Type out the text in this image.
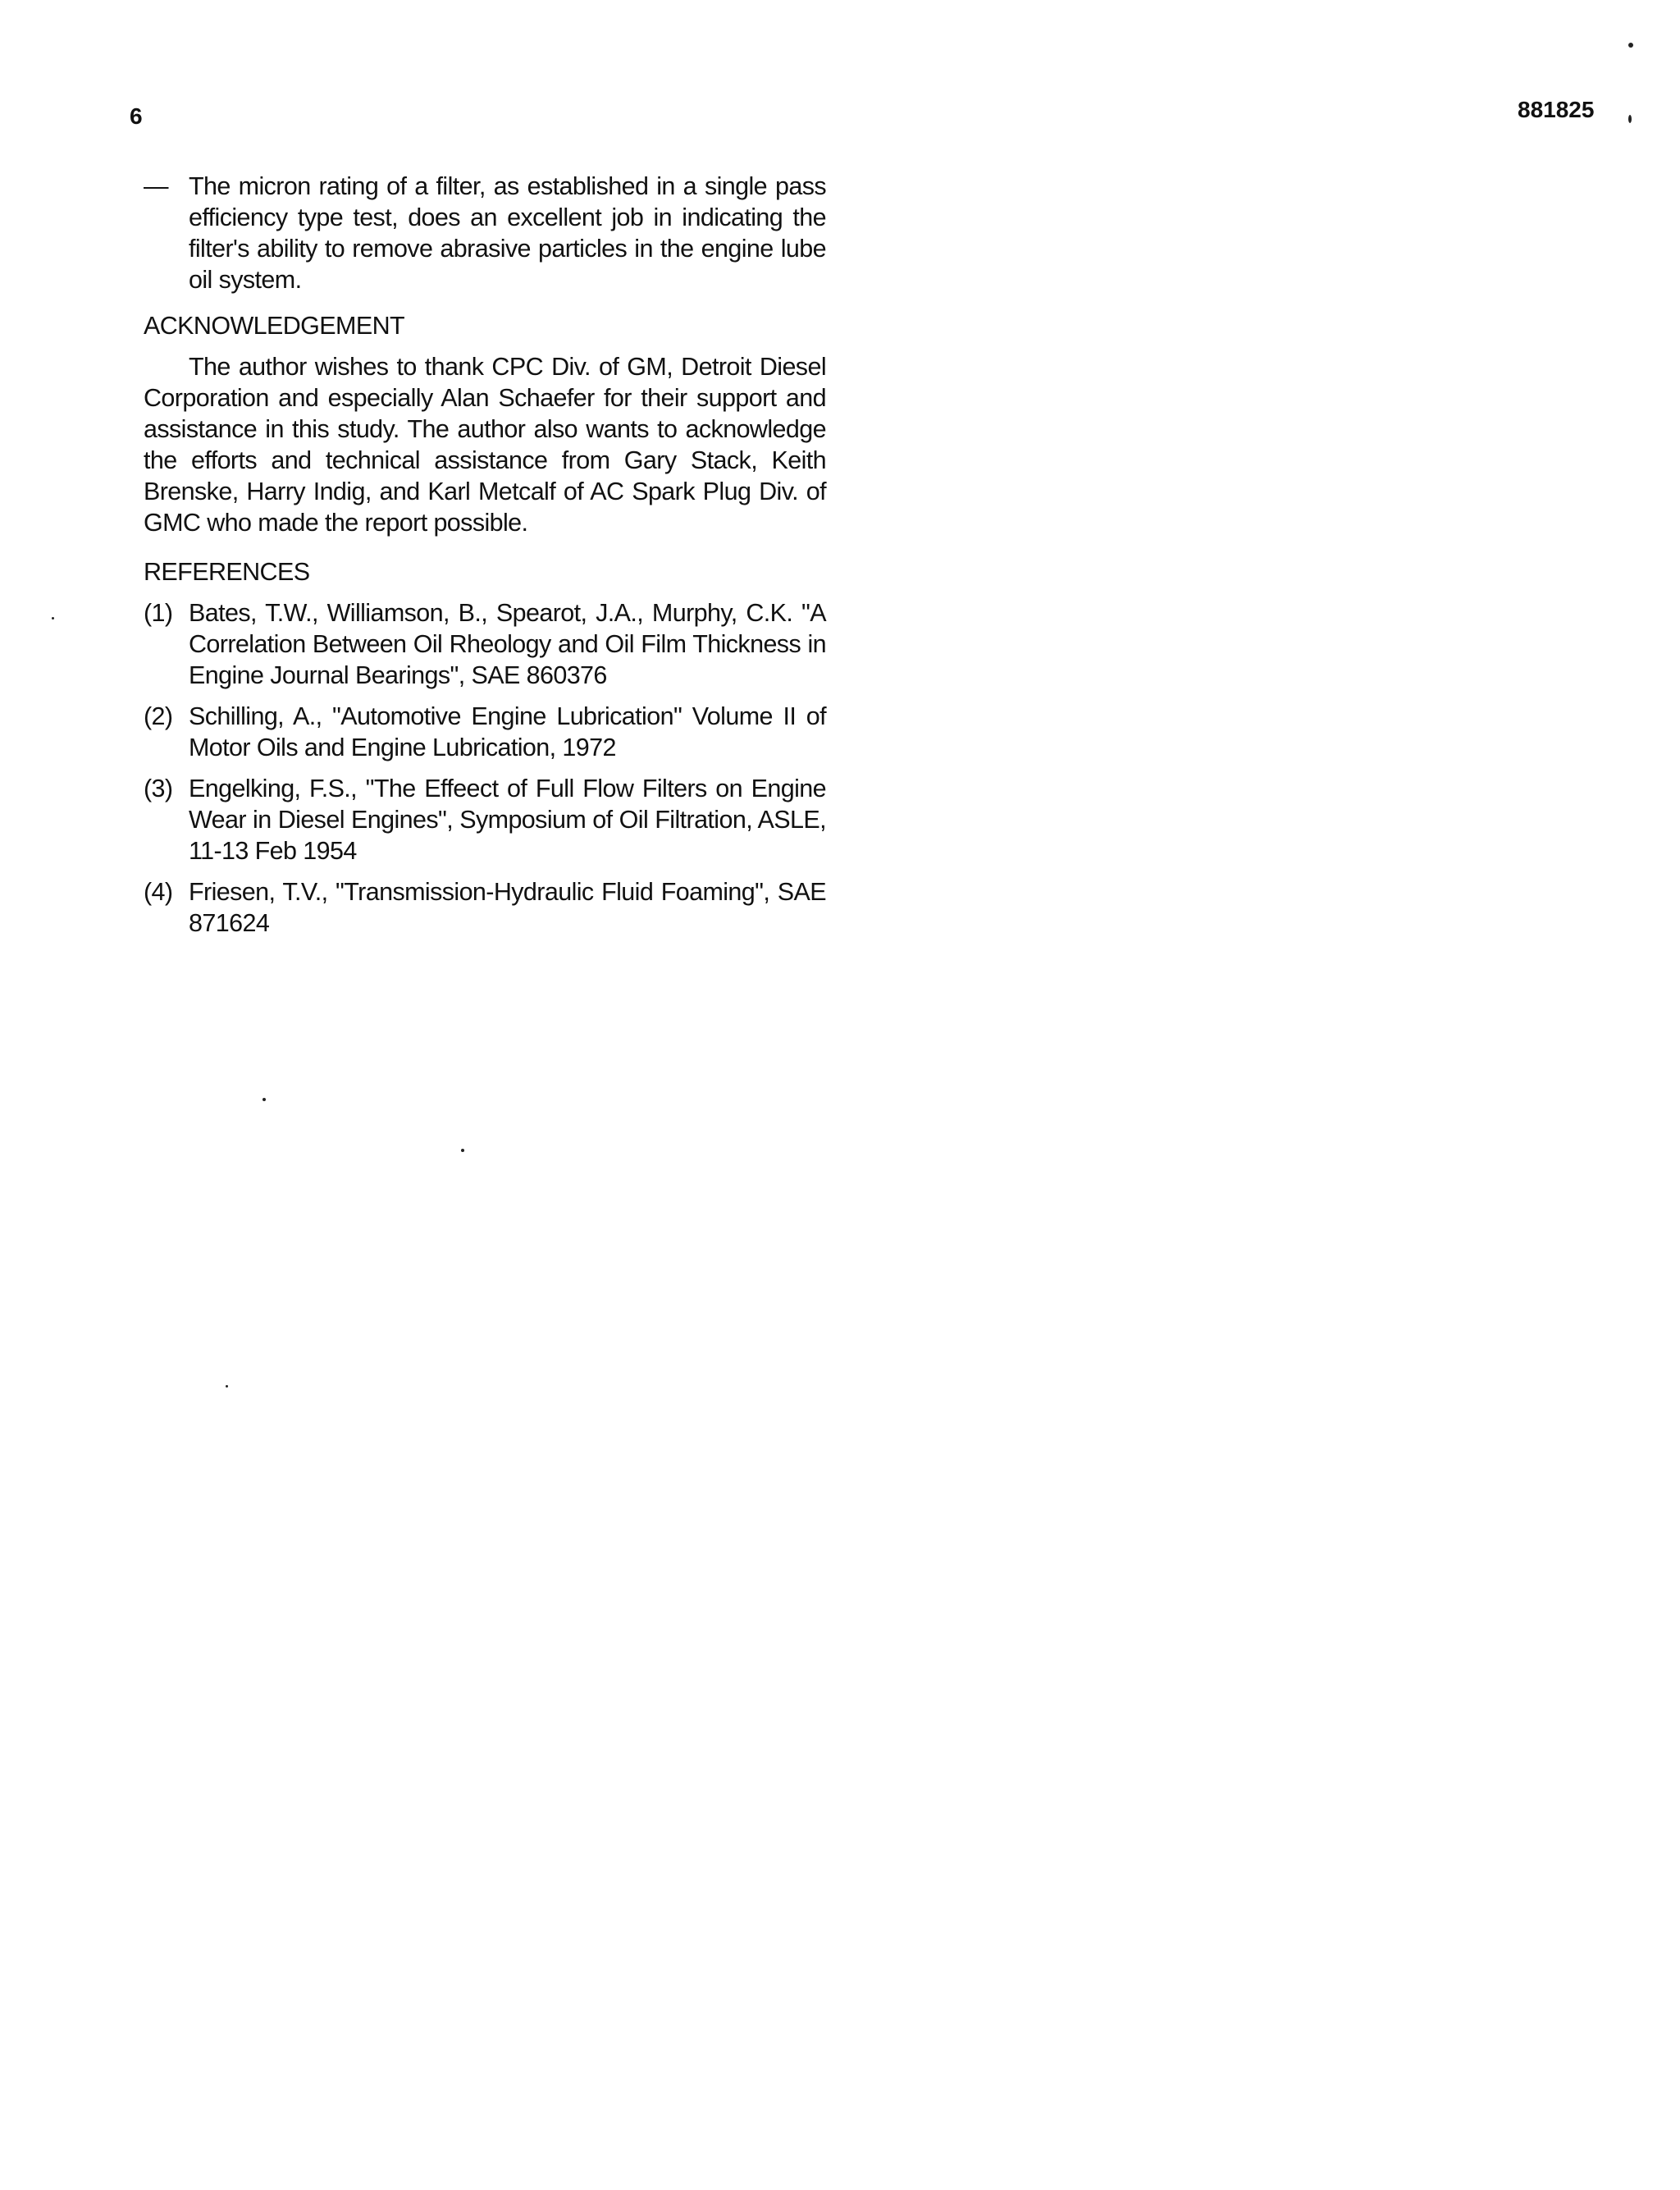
6	881825
— The micron rating of a filter, as established in a single pass efficiency type test, does an excellent job in indicating the filter's ability to remove abrasive particles in the engine lube oil system.
ACKNOWLEDGEMENT
The author wishes to thank CPC Div. of GM, Detroit Diesel Corporation and especially Alan Schaefer for their support and assistance in this study. The author also wants to acknowledge the efforts and technical assistance from Gary Stack, Keith Brenske, Harry Indig, and Karl Metcalf of AC Spark Plug Div. of GMC who made the report possible.
REFERENCES
(1) Bates, T.W., Williamson, B., Spearot, J.A., Murphy, C.K. "A Correlation Between Oil Rheology and Oil Film Thickness in Engine Journal Bearings", SAE 860376
(2) Schilling, A., "Automotive Engine Lubrication" Volume II of Motor Oils and Engine Lubrication, 1972
(3) Engelking, F.S., "The Effeect of Full Flow Filters on Engine Wear in Diesel Engines", Symposium of Oil Filtration, ASLE, 11-13 Feb 1954
(4) Friesen, T.V., "Transmission-Hydraulic Fluid Foaming", SAE 871624
